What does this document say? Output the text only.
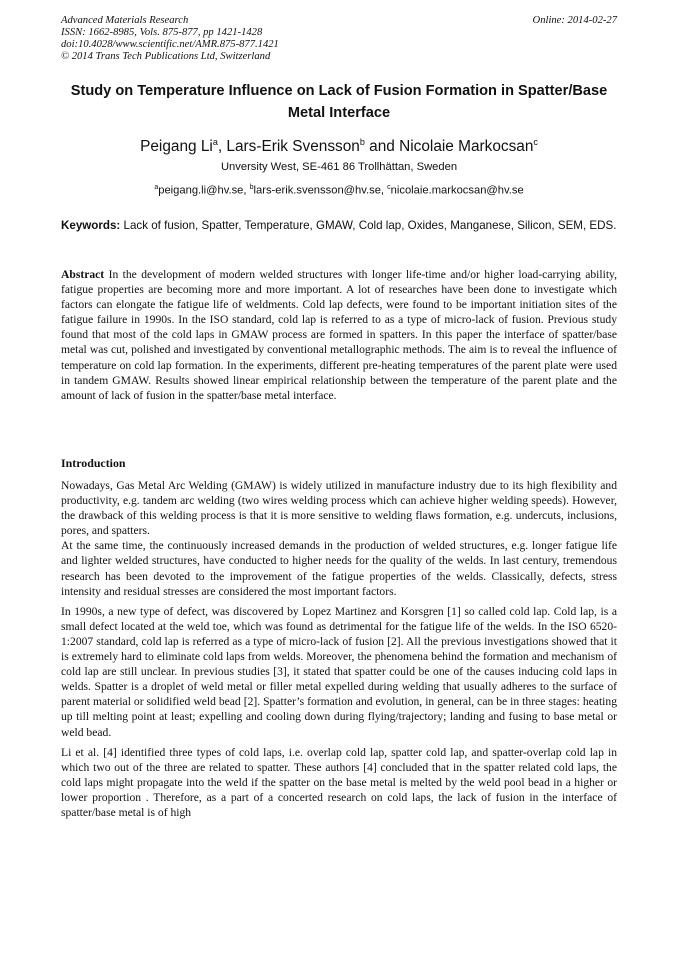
Advanced Materials Research
ISSN: 1662-8985, Vols. 875-877, pp 1421-1428
doi:10.4028/www.scientific.net/AMR.875-877.1421
© 2014 Trans Tech Publications Ltd, Switzerland
Online: 2014-02-27
Study on Temperature Influence on Lack of Fusion Formation in Spatter/Base Metal Interface
Peigang Li$^a$, Lars-Erik Svensson$^b$ and Nicolaie Markocsan$^c$
Unversity West, SE-461 86 Trollhättan, Sweden
$^a$peigang.li@hv.se, $^b$lars-erik.svensson@hv.se, $^c$nicolaie.markocsan@hv.se
Keywords: Lack of fusion, Spatter, Temperature, GMAW, Cold lap, Oxides, Manganese, Silicon, SEM, EDS.
Abstract In the development of modern welded structures with longer life-time and/or higher load-carrying ability, fatigue properties are becoming more and more important. A lot of researches have been done to investigate which factors can elongate the fatigue life of weldments. Cold lap defects, were found to be important initiation sites of the fatigue failure in 1990s. In the ISO standard, cold lap is referred to as a type of micro-lack of fusion. Previous study found that most of the cold laps in GMAW process are formed in spatters. In this paper the interface of spatter/base metal was cut, polished and investigated by conventional metallographic methods. The aim is to reveal the influence of temperature on cold lap formation. In the experiments, different pre-heating temperatures of the parent plate were used in tandem GMAW. Results showed linear empirical relationship between the temperature of the parent plate and the amount of lack of fusion in the spatter/base metal interface.
Introduction

Nowadays, Gas Metal Arc Welding (GMAW) is widely utilized in manufacture industry due to its high flexibility and productivity, e.g. tandem arc welding (two wires welding process which can achieve higher welding speeds). However, the drawback of this welding process is that it is more sensitive to welding flaws formation, e.g. undercuts, inclusions, pores, and spatters.

At the same time, the continuously increased demands in the production of welded structures, e.g. longer fatigue life and lighter welded structures, have conducted to higher needs for the quality of the welds. In last century, tremendous research has been devoted to the improvement of the fatigue properties of the welds. Classically, defects, stress intensity and residual stresses are considered the most important factors.

In 1990s, a new type of defect, was discovered by Lopez Martinez and Korsgren [1] so called cold lap. Cold lap, is a small defect located at the weld toe, which was found as detrimental for the fatigue life of the welds. In the ISO 6520-1:2007 standard, cold lap is referred as a type of micro-lack of fusion [2]. All the previous investigations showed that it is extremely hard to eliminate cold laps from welds. Moreover, the phenomena behind the formation and mechanism of cold lap are still unclear. In previous studies [3], it stated that spatter could be one of the causes inducing cold laps in welds. Spatter is a droplet of weld metal or filler metal expelled during welding that usually adheres to the surface of parent material or solidified weld bead [2]. Spatter’s formation and evolution, in general, can be in three stages: heating up till melting point at least; expelling and cooling down during flying/trajectory; landing and fusing to base metal or weld bead.

Li et al. [4] identified three types of cold laps, i.e. overlap cold lap, spatter cold lap, and spatter-overlap cold lap in which two out of the three are related to spatter. These authors [4] concluded that in the spatter related cold laps, the cold laps might propagate into the weld if the spatter on the base metal is melted by the weld pool bead in a higher or lower proportion . Therefore, as a part of a concerted research on cold laps, the lack of fusion in the interface of spatter/base metal is of high
